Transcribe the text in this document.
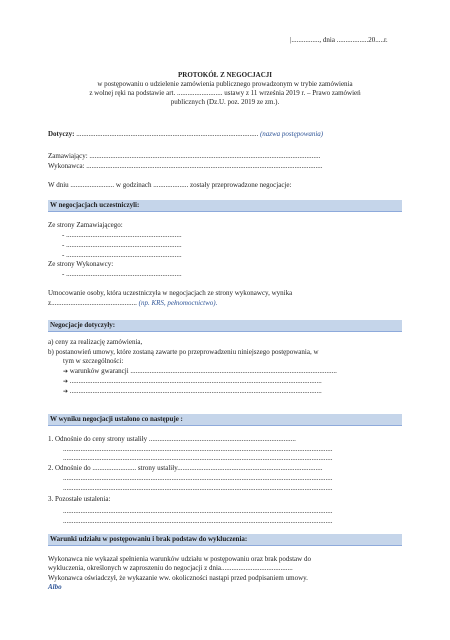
|................, dnia ..................20.....r.
PROTOKÓŁ Z NEGOCJACJI
w postępowaniu o udzielenie zamówienia publicznego prowadzonym w trybie zamówienia
z wolnej ręki na podstawie art. .......................... ustawy z 11 września 2019 r. – Prawo zamówień
publicznych (Dz.U. poz. 2019 ze zm.).
Dotyczy: ........................................................................................................ (nazwa postępowania)
Zamawiający: ....................................................................................................................................
Wykonawca: .......................................................................................................................................
W dniu ......................... w godzinach .................... zostały przeprowadzone negocjacje:
W negocjacjach uczestniczyli:
Ze strony Zamawiającego:
- ..................................................................
- ..................................................................
- ..................................................................
Ze strony Wykonawcy:
- ..................................................................
Umocowanie osoby, która uczestniczyła w negocjacjach ze strony wykonawcy, wynika
z................................................. (np. KRS, pełnomocnictwo).
Negocjacje dotyczyły:
a) ceny za realizację zamówienia,
b) postanowień umowy, które zostaną zawarte po przeprowadzeniu niniejszego postępowania, w
tym w szczególności:
➔ warunków gwarancji ......................................................................................................................
➔ ................................................................................................................................................
➔ ................................................................................................................................................
W wyniku negocjacji ustalono co następuje :
1. Odnośnie do ceny strony ustaliły ....................................................................................
..........................................................................................................................................................
..........................................................................................................................................................
2. Odnośnie do ......................... strony ustaliły...................................................................................
..........................................................................................................................................................
..........................................................................................................................................................
3. Pozostałe ustalenia:
..........................................................................................................................................................
..........................................................................................................................................................
Warunki udziału w postępowaniu i brak podstaw do wykluczenia:
Wykonawca nie wykazał spełnienia warunków udziału w postępowaniu oraz brak podstaw do
wykluczenia, określonych w zaproszeniu do negocjacji z dnia.........................................
Wykonawca oświadczył, że wykazanie ww. okoliczności nastąpi przed podpisaniem umowy.
Albo
